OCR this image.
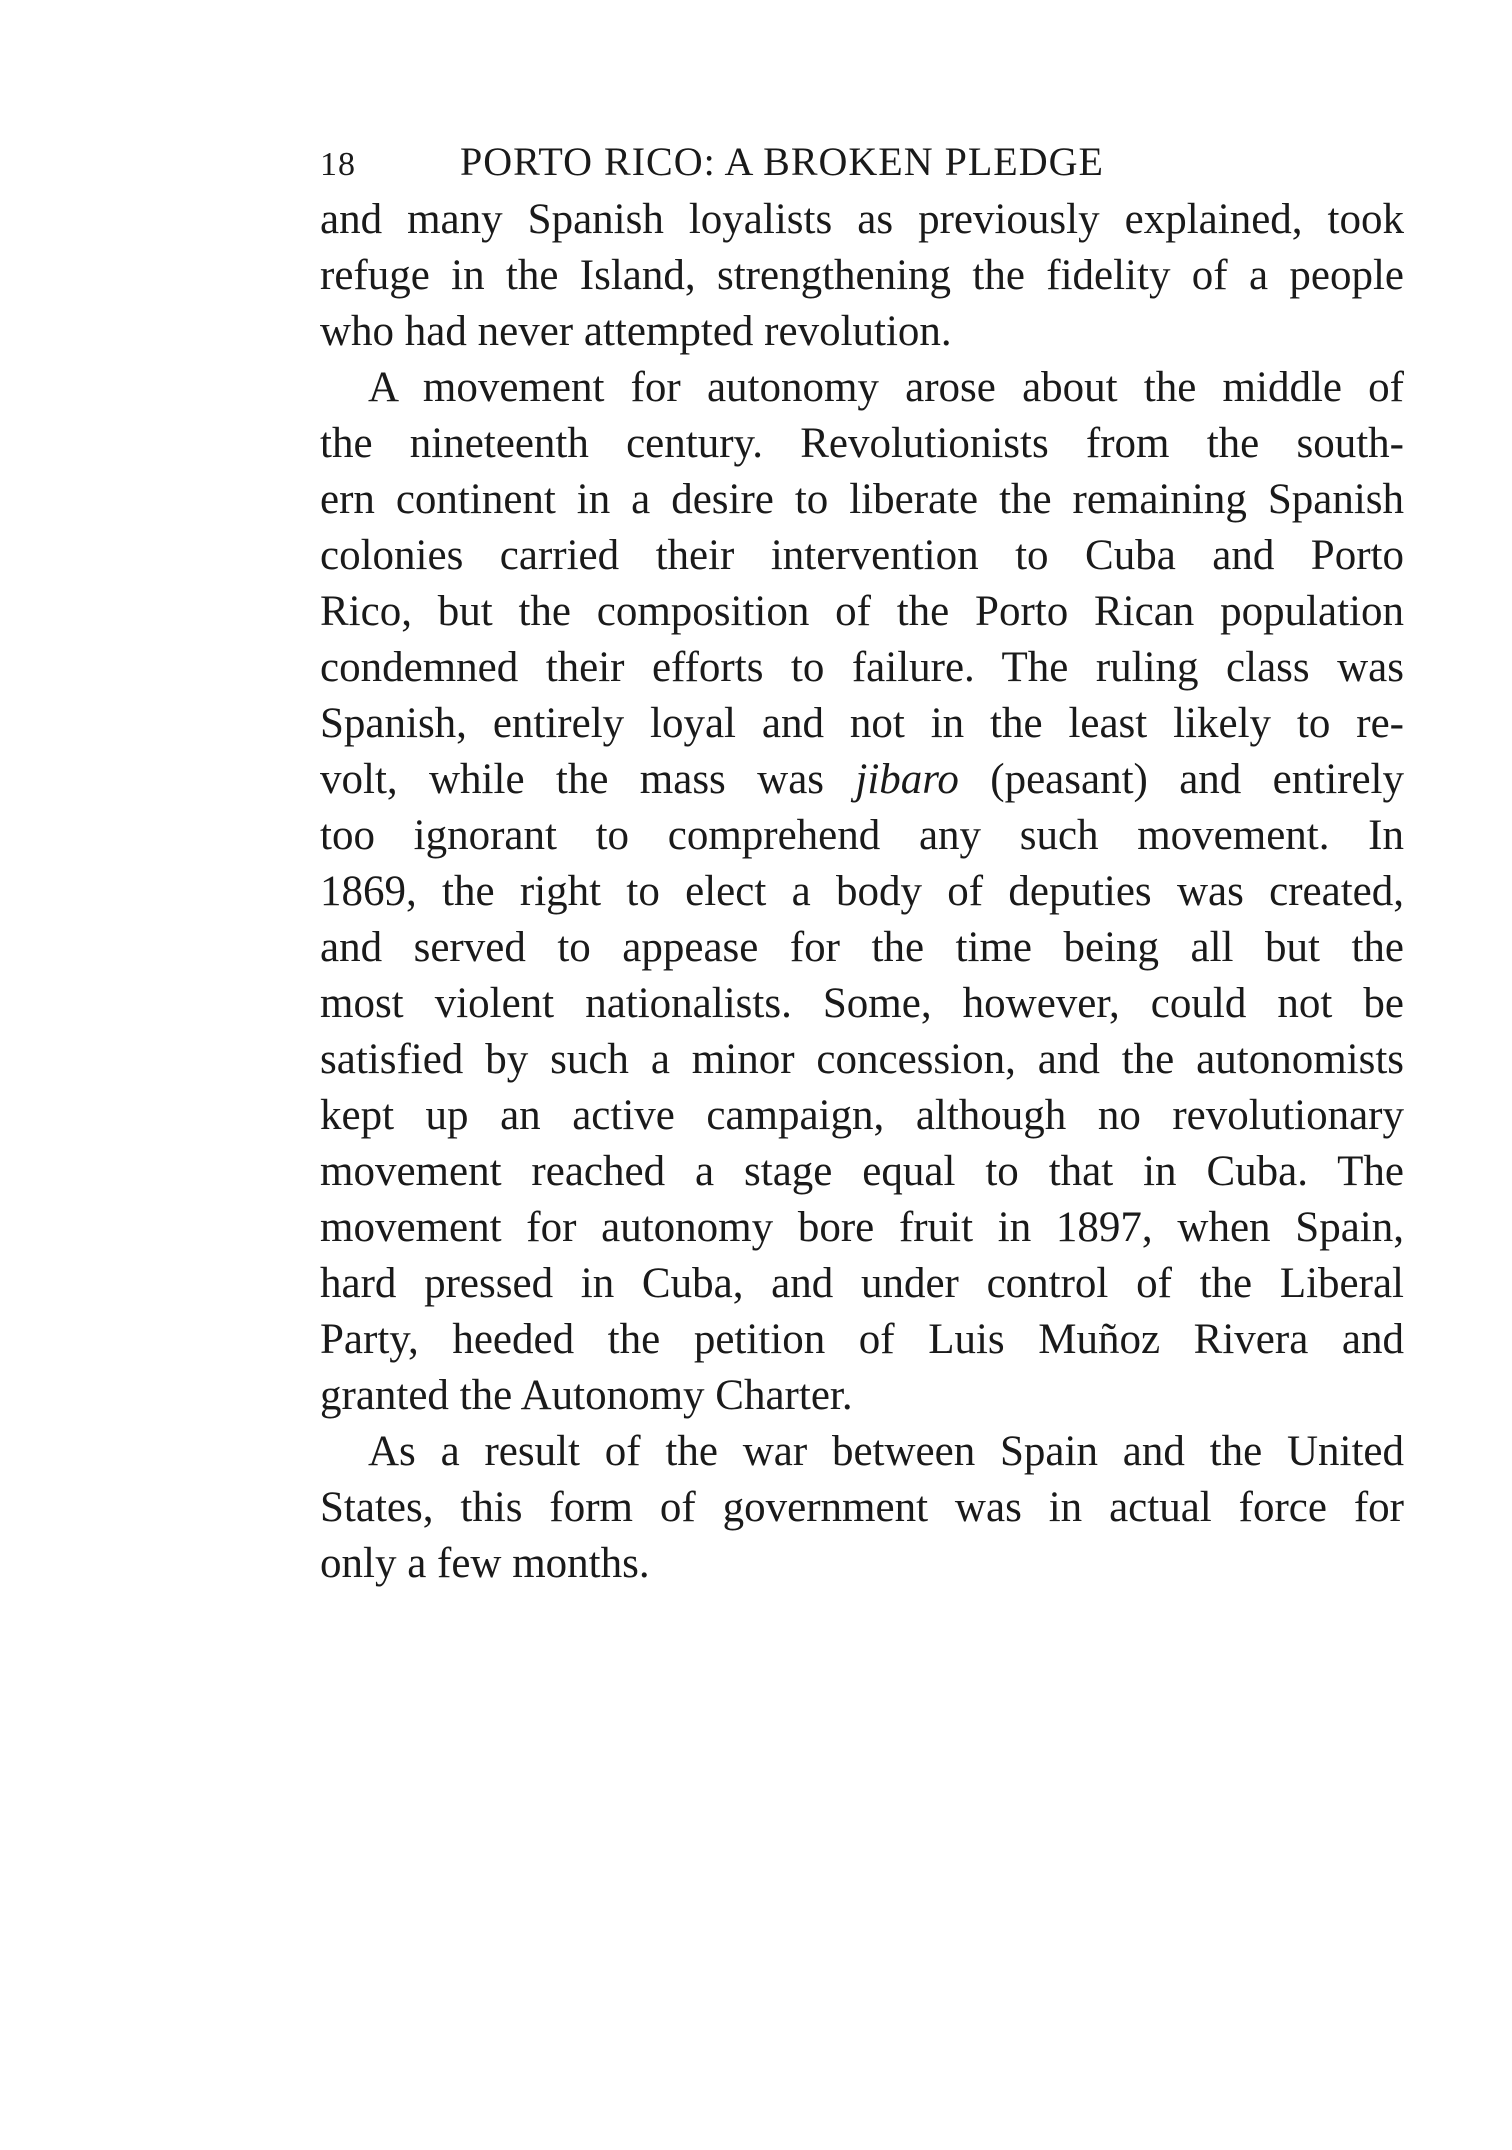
18	PORTO RICO: A BROKEN PLEDGE

and many Spanish loyalists as previously explained, took
refuge in the Island, strengthening the fidelity of a people
who had never attempted revolution.

A movement for autonomy arose about the middle of
the nineteenth century. Revolutionists from the south-
ern continent in a desire to liberate the remaining Spanish
colonies carried their intervention to Cuba and Porto
Rico, but the composition of the Porto Rican population
condemned their efforts to failure. The ruling class was
Spanish, entirely loyal and not in the least likely to re-
volt, while the mass was jibaro (peasant) and entirely
too ignorant to comprehend any such movement. In
1869, the right to elect a body of deputies was created,
and served to appease for the time being all but the
most violent nationalists. Some, however, could not be
satisfied by such a minor concession, and the autonomists
kept up an active campaign, although no revolutionary
movement reached a stage equal to that in Cuba. The
movement for autonomy bore fruit in 1897, when Spain,
hard pressed in Cuba, and under control of the Liberal
Party, heeded the petition of Luis Muñoz Rivera and
granted the Autonomy Charter.

As a result of the war between Spain and the United
States, this form of government was in actual force for
only a few months.
